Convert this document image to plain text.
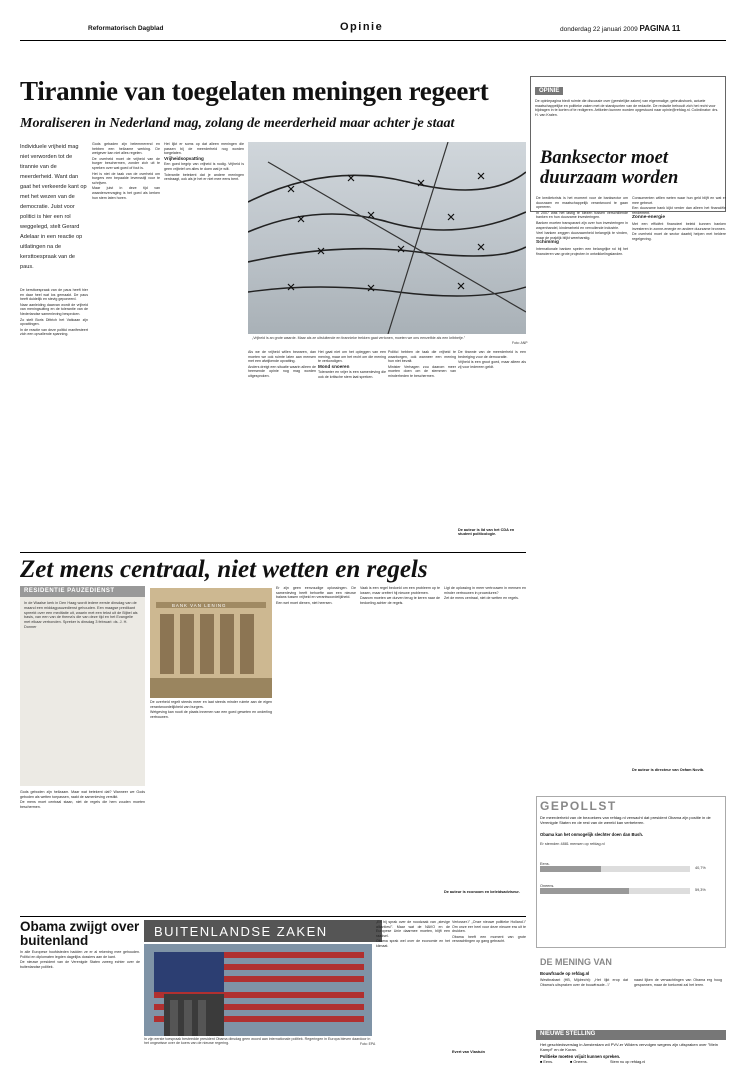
Reformatorisch Dagblad	Opinie	donderdag 22 januari 2009 PAGINA 11
Tirannie van toegelaten meningen regeert
Moraliseren in Nederland mag, zolang de meerderheid maar achter je staat
OPINIE
De opiniepagina biedt ruimte die discussie over (geestelijke zaken) van eigenmalige, gebruikshoek, actuele maatschappelijke en politieke zaken met de standpunten van de redactie. De redactie behoudt zich het recht voor bijdragen in te korten of te redigeren. Artikelen kunnen worden opgestuurd naar opinie@refdag.nl. Coördinator: drs. H. van Kralen.
Banksector moet duurzaam worden
Individuele vrijheid mag niet verworden tot de tirannie van de meerderheid. Want dan gaat het verkeerde kant op met het wezen van de democratie. Juist voor politici is hier een rol weggelegd, stelt Gerard Adelaar in een reactie op uitlatingen na de kersttoespraak van de paus.

De kersttoespraak van de paus heeft hier en daar heel wat los gemaakt. De paus heeft duidelijk en stevig geponeerd.

Naar aanleiding daarvan wordt de vrijheid van meningsuiting en de tolerantie van de Nederlandse samenleving besproken.

Zo stelt Boris Dittrich het Vaticaan zijn opvattingen.

In de reactie van deze politici manifesteert zich een opvallende spanning.

Gods gebaden zijn belemmerend en hebben een heilzame werking. De wetgever kan niet alles regelen.

De overheid moet de vrijheid van de burger beschermen, zonder zich uit te spreken over wat goed of fout is.

Het is niet de taak van de overheid om burgers een bepaalde levensstijl voor te schrijven.

Maar juist in deze tijd van waardenvervaging is het goed als kerken hun stem laten horen.

Het lijkt er soms op dat alleen meningen die passen bij de meerderheid nog worden toegelaten.

Vrijheidsopvatting

Een goed begrip van vrijheid is nodig. Vrijheid is geen vrijbrief om alles te doen wat je wilt.

Tolerantie betekent dat je andere meningen verdraagt, ook als je het er niet mee eens bent.

„Vrijheid is an grote waarde. Maar als ze uitsluitende en tirannieke trekken gaat vertonen, moeten we ons eenzelfde als een kribbetje."
Foto: ANP

Als we de vrijheid willen bewaren, dan moeten we ook ruimte laten aan mensen met een afwijkende opvatting.

Anders dreigt een situatie waarin alleen de heersende opinie nog mag worden uitgesproken.

Het gaat niet om het opleggen van een mening, maar om het recht om die mening te verkondigen.

Mond snoeren

Toleranter en vrijer is een samenleving die ook de kritische stem laat spreken.

Politici hebben de taak die vrijheid te waarborgen, ook wanneer een mening hun niet bevalt.

Minister Verhagen zou daarom meer moeten doen om de stemmen van minderheden te beschermen.

De tirannie van de meerderheid is een bedreiging voor de democratie.

Vrijheid is een groot goed, maar alleen als zij voor iedereen geldt.

De auteur is lid van het CDA en student politicologie.

De kredietcrisis is het moment voor de banksector om duurzaam en maatschappelijk verantwoord te gaan opereren.

In 2007 was het lastig te kiezen tussen verschillende banken en hun duurzame investeringen.

Banken moeten transparant zijn over hun investeringen in wapenhandel, kinderarbeid en vervuilende industrie.

Veel banken zeggen duurzaamheid belangrijk te vinden, maar de praktijk blijkt weerbarstig.

Schimmig

Internationale banken spelen een belangrijke rol bij het financieren van grote projecten in ontwikkelingslanden.

Consumenten willen weten waar hun geld blijft en wat er mee gebeurt.

Een duurzame bank kijkt verder dan alleen het financiële rendement.

Zonne-energie

Met een efficiënt financieel beleid kunnen banken investeren in zonne-energie en andere duurzame bronnen.

De overheid moet de sector daarbij helpen met heldere regelgeving.

De auteur is directeur van Oxfam Novib.
Zet mens centraal, niet wetten en regels
RESIDENTIE PAUZEDIENST
In de Waalse kerk in Den Haag wordt iedere eerste dinsdag van de maand een middagpauzedienst gehouden. Een maagse predikant spreekt over een meditatie uit, waarin met een tekst uit de Bijbel als basis, van een van de thema's die van deze tijd en het Evangelie met elkaar verbonden. Spreker is dinsdag 3 februari: ds. J. H. Donner
BANK VAN LENING

Gods geboden zijn heilzaam. Maar wat betekent dat? Wanneer we Gods geboden als wetten toepassen, raakt de samenleving verstikt.

De mens moet centraal staan, niet de regels die hem zouden moeten beschermen.

De overheid regelt steeds meer en laat steeds minder ruimte aan de eigen verantwoordelijkheid van burgers.

Wetgeving kan nooit de plaats innemen van een goed geweten en onderling vertrouwen.

Er zijn geen eenvoudige oplossingen. De samenleving heeft behoefte aan een nieuwe balans tussen vrijheid en verantwoordelijkheid.

Een wet moet dienen, niet heersen.

Vaak is een regel bedoeld om een probleem op te lossen, maar creëert hij nieuwe problemen.

Daarom moeten we durven terug te keren naar de bedoeling achter de regels.

Ligt de oplossing in meer vertrouwen in mensen en minder vertrouwen in procedures?

Zet de mens centraal, niet de wetten en regels.

De auteur is econoom en beleidsadviseur.
Obama zwijgt over buitenland

In alle Europese hoofdsteden hadden ze er al rekening mee gehouden. Politici en diplomaten legden dagelijks dossiers aan de kant.

De nieuwe president van de Verenigde Staten zweeg echter over de buitenlandse politiek.

BUITENLANDSE ZAKEN
In zijn eerste toespraak besteedde president Obama dinsdag geen woord aan internationale politiek. Regeringen in Europa bleven daardoor in het ongewisse over de koers van de nieuwe regering.	Foto: EPA

„En hij sprak over de noodzaak van „stevige allianties\". Maar wat de NAVO en de Europese Unie daarmee moeten, blijft een raadsel.

Obama sprak wel over de economie en het klimaat.

Verlosser.\" „Onze nieuwe politieke Holland.\" Om onze eer heel voor deze nieuwe era uit te drukken.

Obama heeft een moment van grote verwachtingen op gang gebracht.

Evert van Vlastuin
GEPOLLST
De meerderheid van de bezoekers van refdag.nl verwacht dat president Obama zijn positie in de Verenigde Staten en de rest van de wereld kan verbeteren.
Obama kan het onmogelijk slechter doen dan Bush.
Er stemden 4881 mensen op refdag.nl
Eens.
40,7%
Oneens.
59,3%
DE MENING VAN
Bouwfraude op refdag.nl

Westbrabant (HB, Mijdrecht): „Het lijkt erop dat Obama's uitspraken over de bouwfraude...\"

naast lijken de verwachtingen van Obama erg hoog gespannen, maar de toekomst zal het leren.

NIEUWE STELLING
Het geschiedsverslag in Amsterdam wil PVV-er Wilders vervolgen wegens zijn uitspraken over "Mein Kampf" en de Koran.
Politieke moeten vrijuit kunnen spreken.
■ Eens.	■ Oneens.	Stem nu op refdag.nl
